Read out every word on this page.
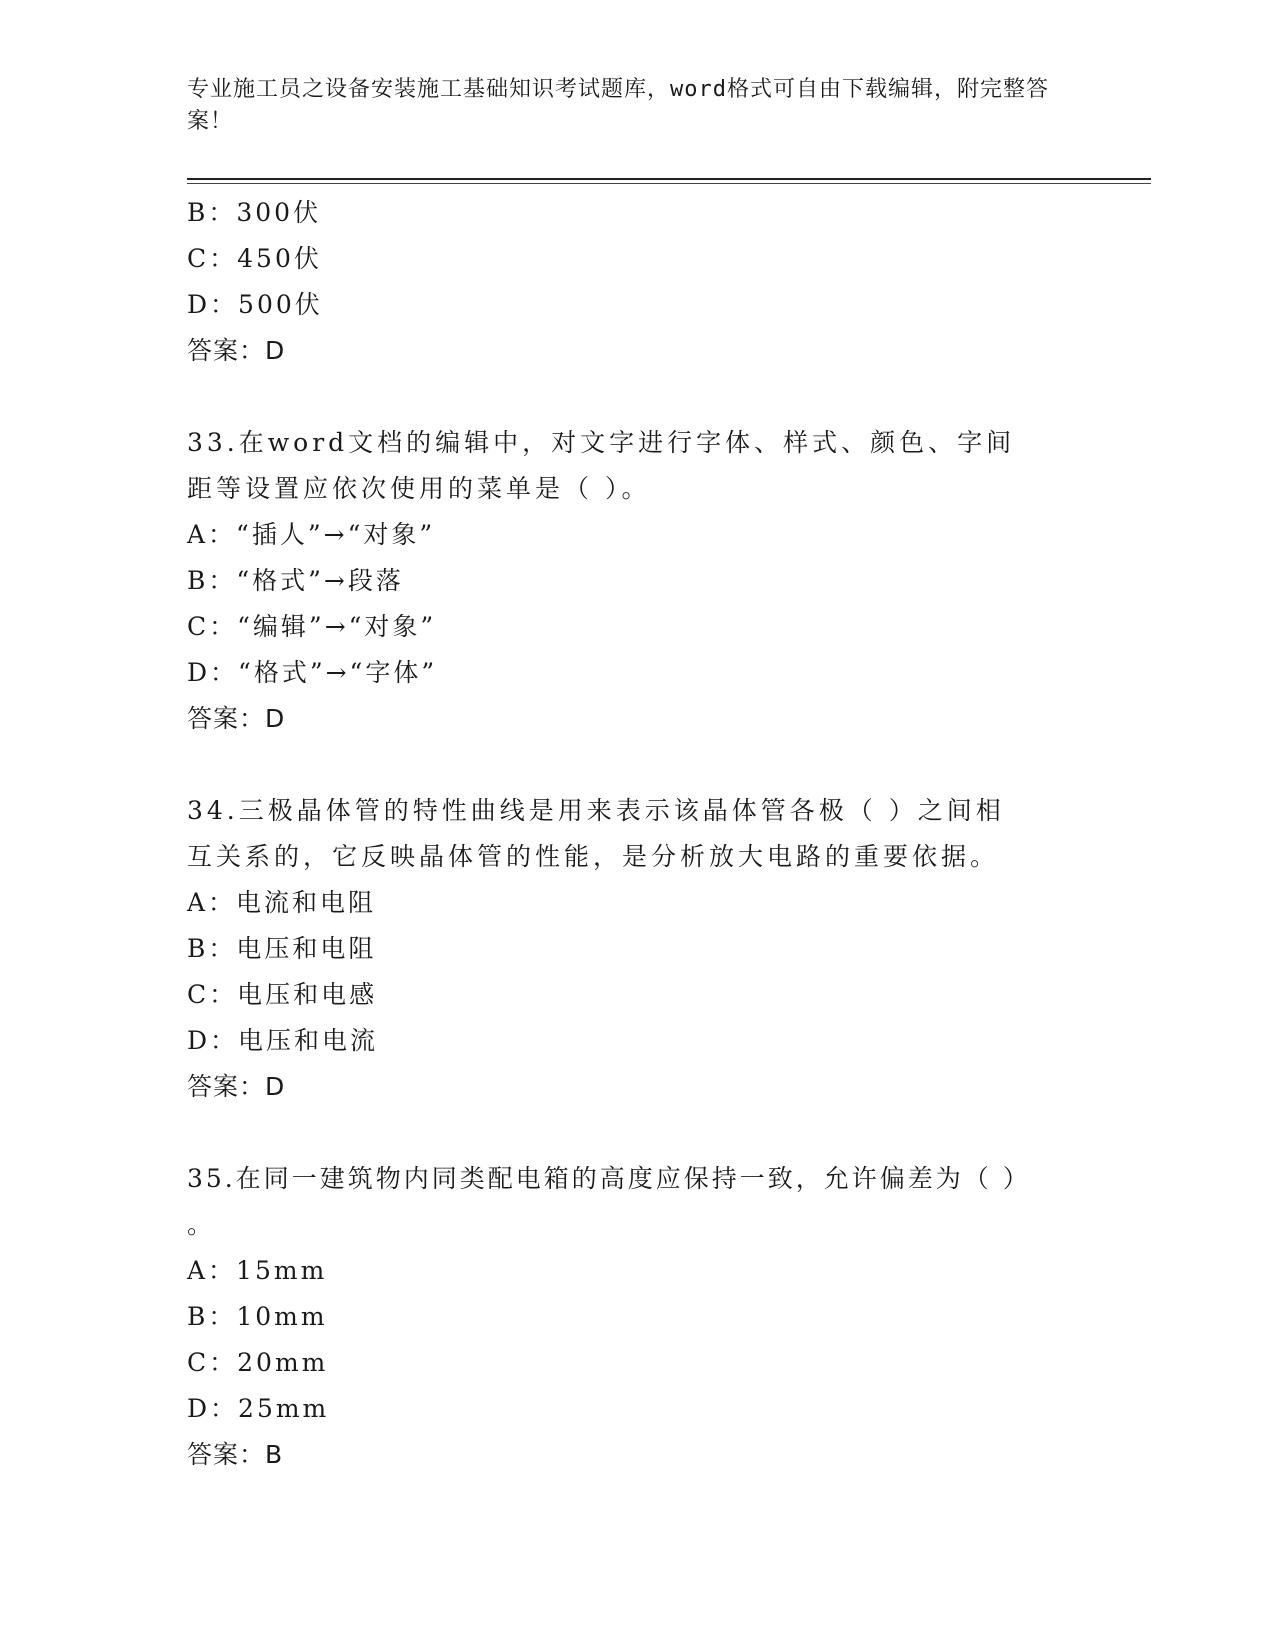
专业施工员之设备安装施工基础知识考试题库，word格式可自由下载编辑，附完整答案！
B：300伏
C：450伏
D：500伏
答案：D
33.在word文档的编辑中，对文字进行字体、样式、颜色、字间距等设置应依次使用的菜单是（ ）。
A：“插人”→“对象”
B：“格式”→段落
C：“编辑”→“对象”
D：“格式”→“字体”
答案：D
34.三极晶体管的特性曲线是用来表示该晶体管各极（ ）之间相互关系的，它反映晶体管的性能，是分析放大电路的重要依据。
A：电流和电阻
B：电压和电阻
C：电压和电感
D：电压和电流
答案：D
35.在同一建筑物内同类配电箱的高度应保持一致，允许偏差为（ ）
。
A：15mm
B：10mm
C：20mm
D：25mm
答案：B
